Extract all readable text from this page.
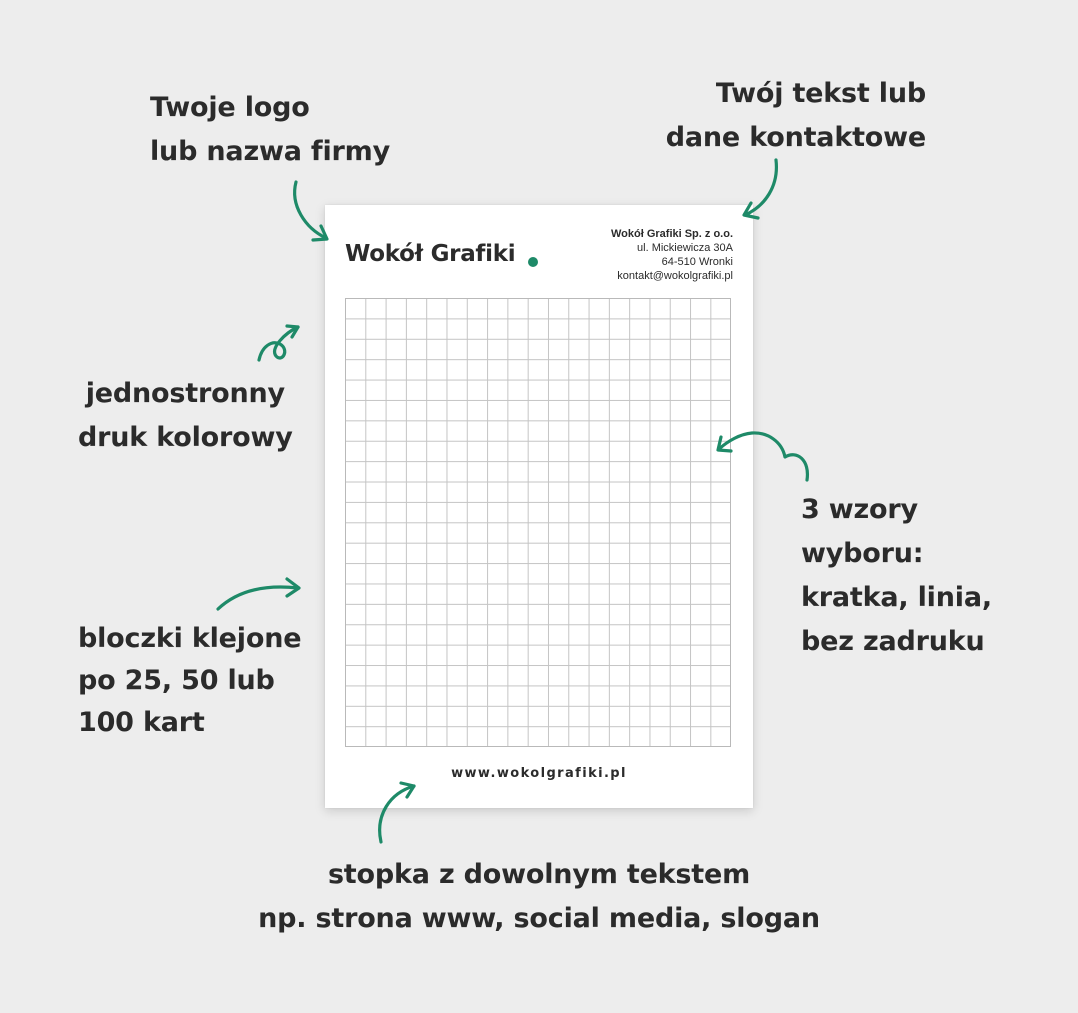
Twoje logo
lub nazwa firmy
Twój tekst lub
dane kontaktowe
jednostronny
druk kolorowy
3 wzory
wyboru:
kratka, linia,
bez zadruku
bloczki klejone
po 25, 50 lub
100 kart
stopka z dowolnym tekstem
np. strona www, social media, slogan
Wokół Grafiki
Wokół Grafiki Sp. z o.o.
ul. Mickiewicza 30A
64-510 Wronki
kontakt@wokolgrafiki.pl
www.wokolgrafiki.pl
